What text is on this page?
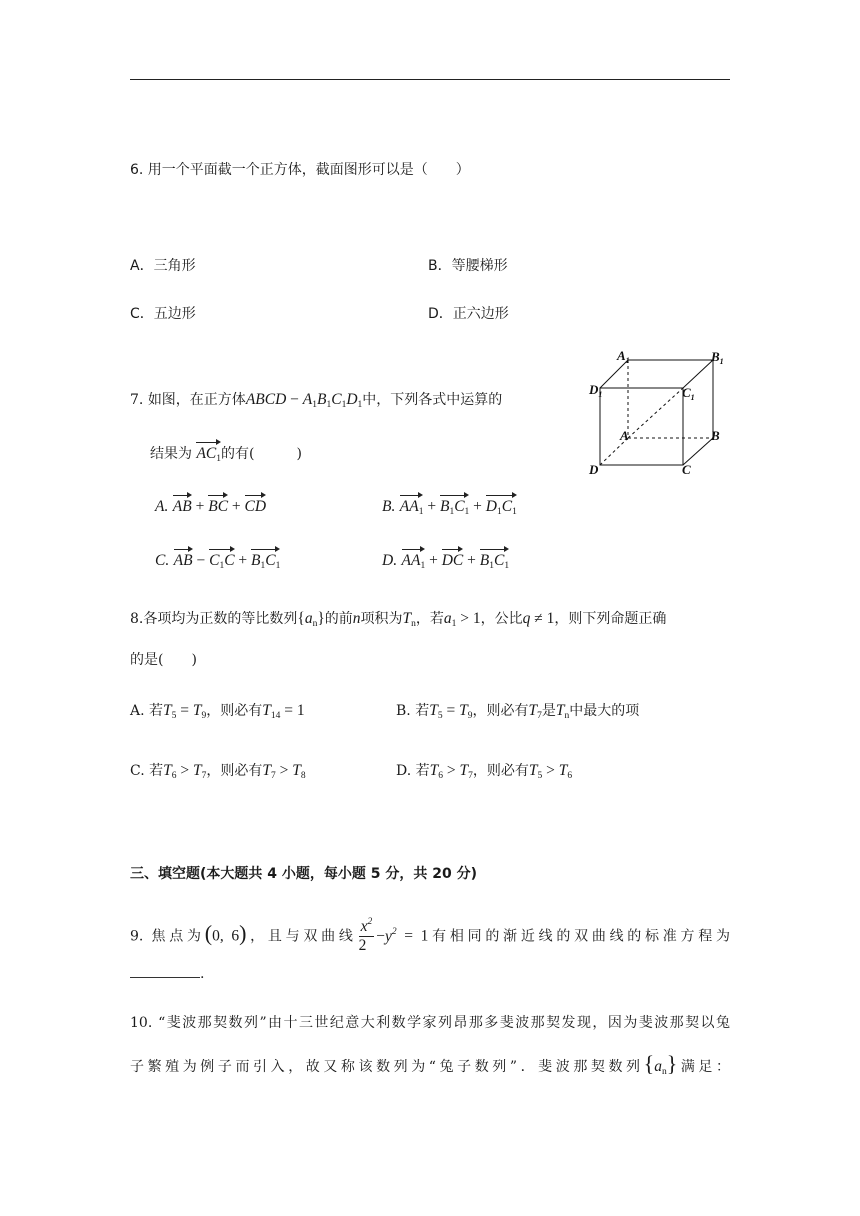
6. 用一个平面截一个正方体，截面图形可以是（　　）
A．三角形	B．等腰梯形
C．五边形	D．正六边形
7. 如图，在正方体ABCD − $A_1B_1C_1D_1$中，下列各式中运算的
结果为 $AC_1$的有(　　　)
A. AB + BC + CD	B. $AA_1 + B_1C_1 + D_1C_1$
C. AB − $C_1C + B_1C_1$	D. $AA_1$ + DC + $B_1C_1$
$A_1$	$B_1$
$D_1$	$C_1$
A	B
D	C
8.各项均为正数的等比数列$\{a_n\}$的前n项积为$T_n$，若$a_1 > 1$，公比q ≠ 1，则下列命题正确
的是(　　)
A. 若$T_5 = T_9$，则必有$T_{14} = 1$	B. 若$T_5 = T_9$，则必有$T_7$是$T_n$中最大的项
C. 若$T_6 > T_7$，则必有$T_7 > T_8$	D. 若$T_6 > T_7$，则必有$T_5 > T_6$
三、填空题(本大题共 4 小题，每小题 5 分，共 20 分)
9. 焦点为(0, 6)，且与双曲线 $\frac{x^2}{2} -y^2 = 1$有相同的渐近线的双曲线的标准方程为
.
10. “斐波那契数列”由十三世纪意大利数学家列昂那多斐波那契发现，因为斐波那契以兔
子繁殖为例子而引入，故又称该数列为“兔子数列”．斐波那契数列$\{a_n\}$满足：
